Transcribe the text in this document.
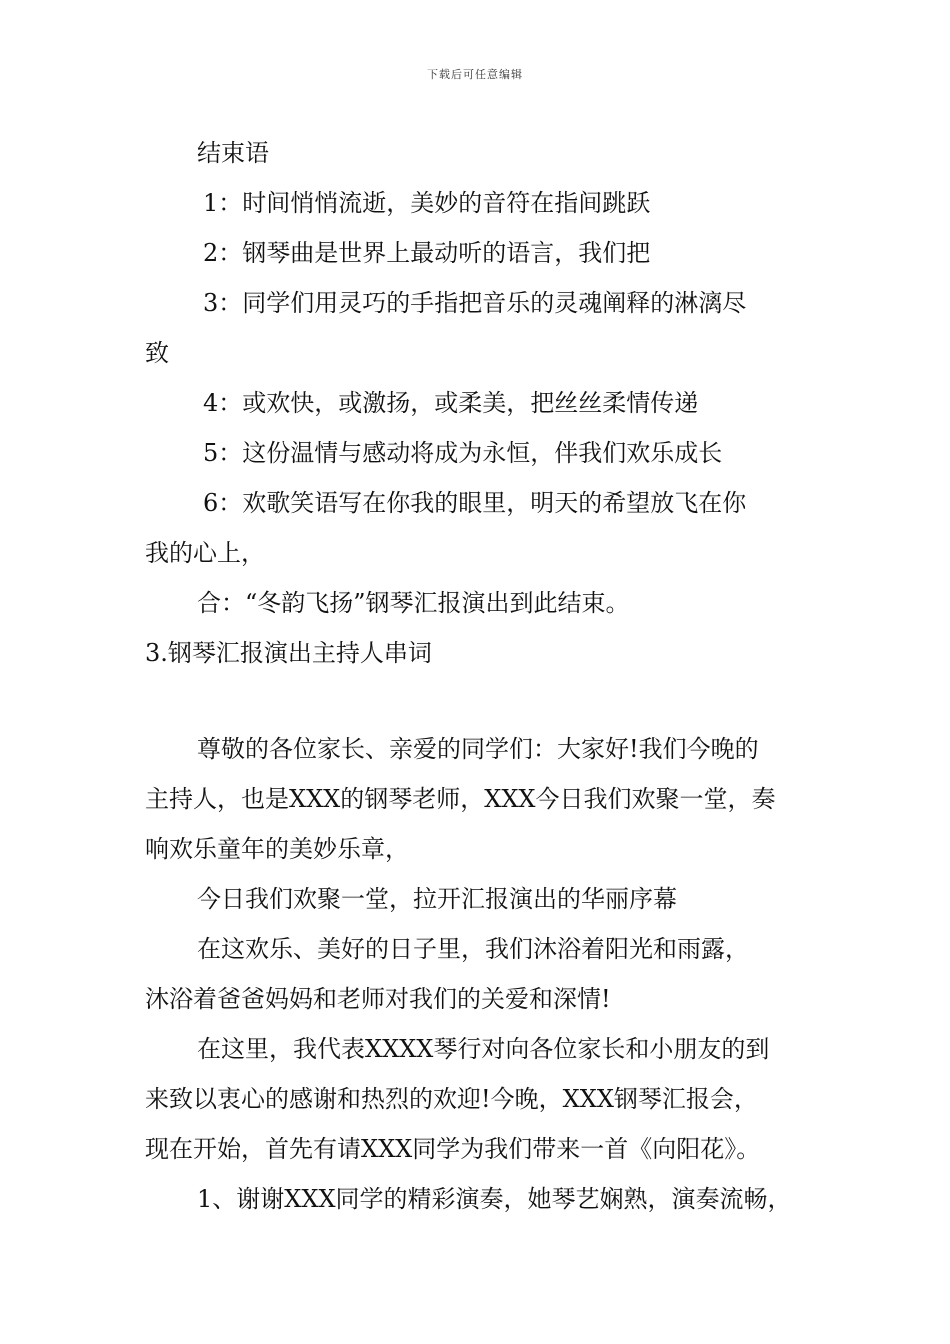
下载后可任意编辑
结束语
1：时间悄悄流逝，美妙的音符在指间跳跃
2：钢琴曲是世界上最动听的语言，我们把
3：同学们用灵巧的手指把音乐的灵魂阐释的淋漓尽
致
4：或欢快，或激扬，或柔美，把丝丝柔情传递
5：这份温情与感动将成为永恒，伴我们欢乐成长
6：欢歌笑语写在你我的眼里，明天的希望放飞在你
我的心上，
合：“冬韵飞扬”钢琴汇报演出到此结束。
3.钢琴汇报演出主持人串词
尊敬的各位家长、亲爱的同学们：大家好!我们今晚的
主持人，也是XXX的钢琴老师，XXX今日我们欢聚一堂，奏
响欢乐童年的美妙乐章，
今日我们欢聚一堂，拉开汇报演出的华丽序幕
在这欢乐、美好的日子里，我们沐浴着阳光和雨露，
沐浴着爸爸妈妈和老师对我们的关爱和深情!
在这里，我代表XXXX琴行对向各位家长和小朋友的到
来致以衷心的感谢和热烈的欢迎!今晚，XXX钢琴汇报会，
现在开始，首先有请XXX同学为我们带来一首《向阳花》。
1、谢谢XXX同学的精彩演奏，她琴艺娴熟，演奏流畅，
